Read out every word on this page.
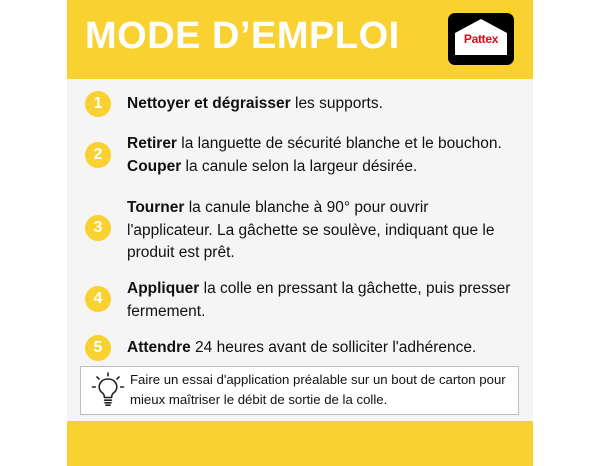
MODE D’EMPLOI	Pattex
1	Nettoyer et dégraisser les supports.
2
Retirer la languette de sécurité blanche et le bouchon. Couper la canule selon la largeur désirée.
3
Tourner la canule blanche à 90° pour ouvrir l'applicateur. La gâchette se soulève, indiquant que le produit est prêt.
4
Appliquer la colle en pressant la gâchette, puis presser fermement.
5	Attendre 24 heures avant de solliciter l'adhérence.
Faire un essai d'application préalable sur un bout de carton pour mieux maîtriser le débit de sortie de la colle.
